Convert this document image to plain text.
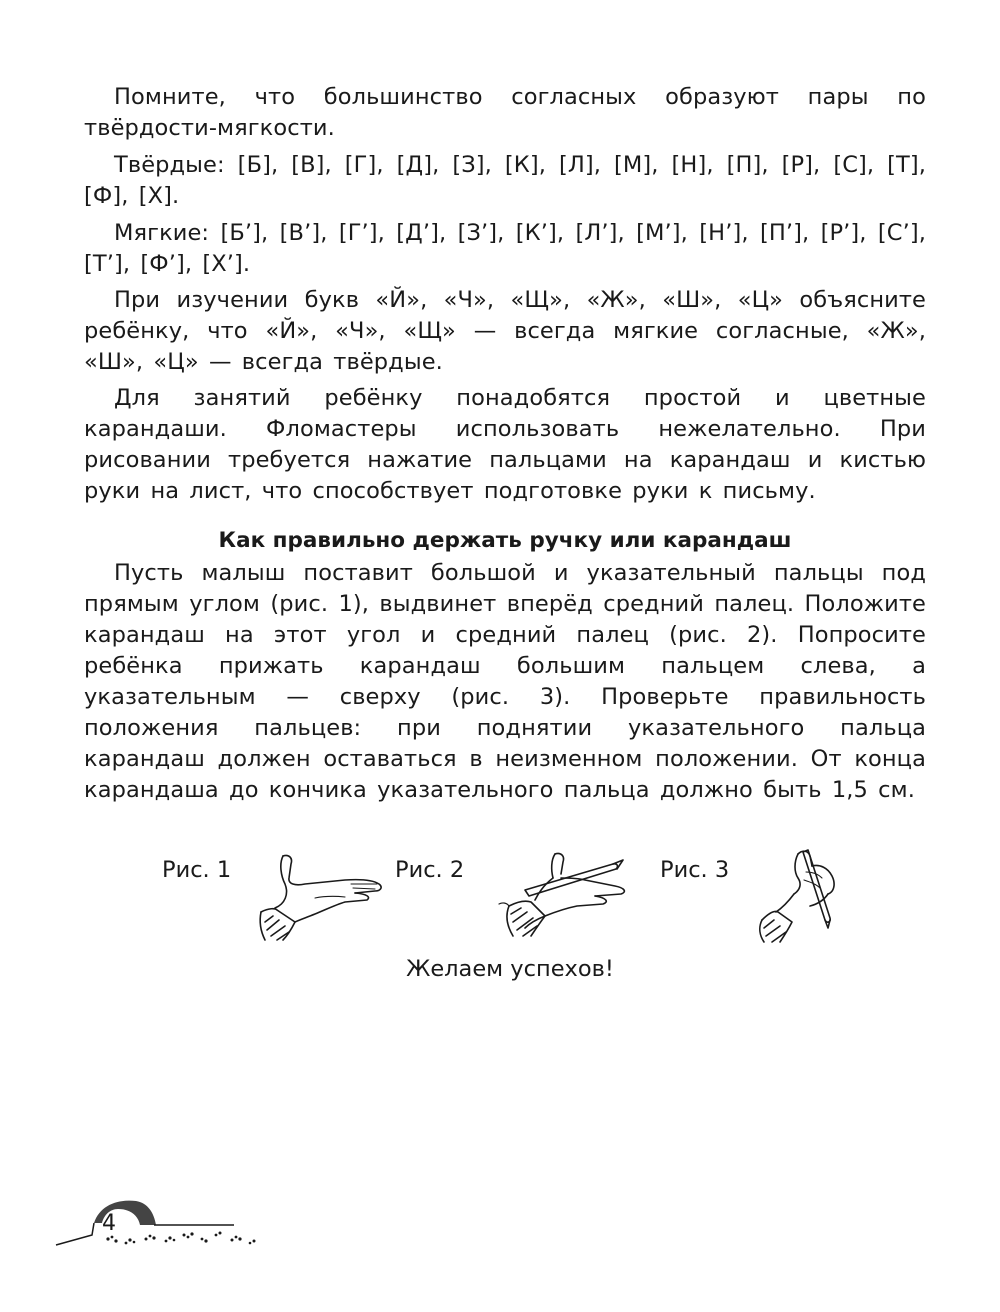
Помните, что большинство согласных образуют пары по твёрдости-мягкости.

Твёрдые: [Б], [В], [Г], [Д], [З], [К], [Л], [М], [Н], [П], [Р], [С], [Т], [Ф], [Х].

Мягкие: [Б’], [В’], [Г’], [Д’], [З’], [К’], [Л’], [М’], [Н’], [П’], [Р’], [С’], [Т’], [Ф’], [Х’].

При изучении букв «Й», «Ч», «Щ», «Ж», «Ш», «Ц» объясните ребёнку, что «Й», «Ч», «Щ» — всегда мягкие согласные, «Ж», «Ш», «Ц» — всегда твёрдые.

Для занятий ребёнку понадобятся простой и цветные карандаши. Фломастеры использовать нежелательно. При рисовании требуется нажатие пальцами на карандаш и кистью руки на лист, что способствует подготовке руки к письму.

Как правильно держать ручку или карандаш

Пусть малыш поставит большой и указательный пальцы под прямым углом (рис. 1), выдвинет вперёд средний палец. Положите карандаш на этот угол и средний палец (рис. 2). Попросите ребёнка прижать карандаш большим пальцем слева, а указательным — сверху (рис. 3). Проверьте правильность положения пальцев: при поднятии указательного пальца карандаш должен оставаться в неизменном положении. От конца карандаша до кончика указательного пальца должно быть 1,5 см.

Рис. 1	Рис. 2	Рис. 3
Желаем успехов!
4
